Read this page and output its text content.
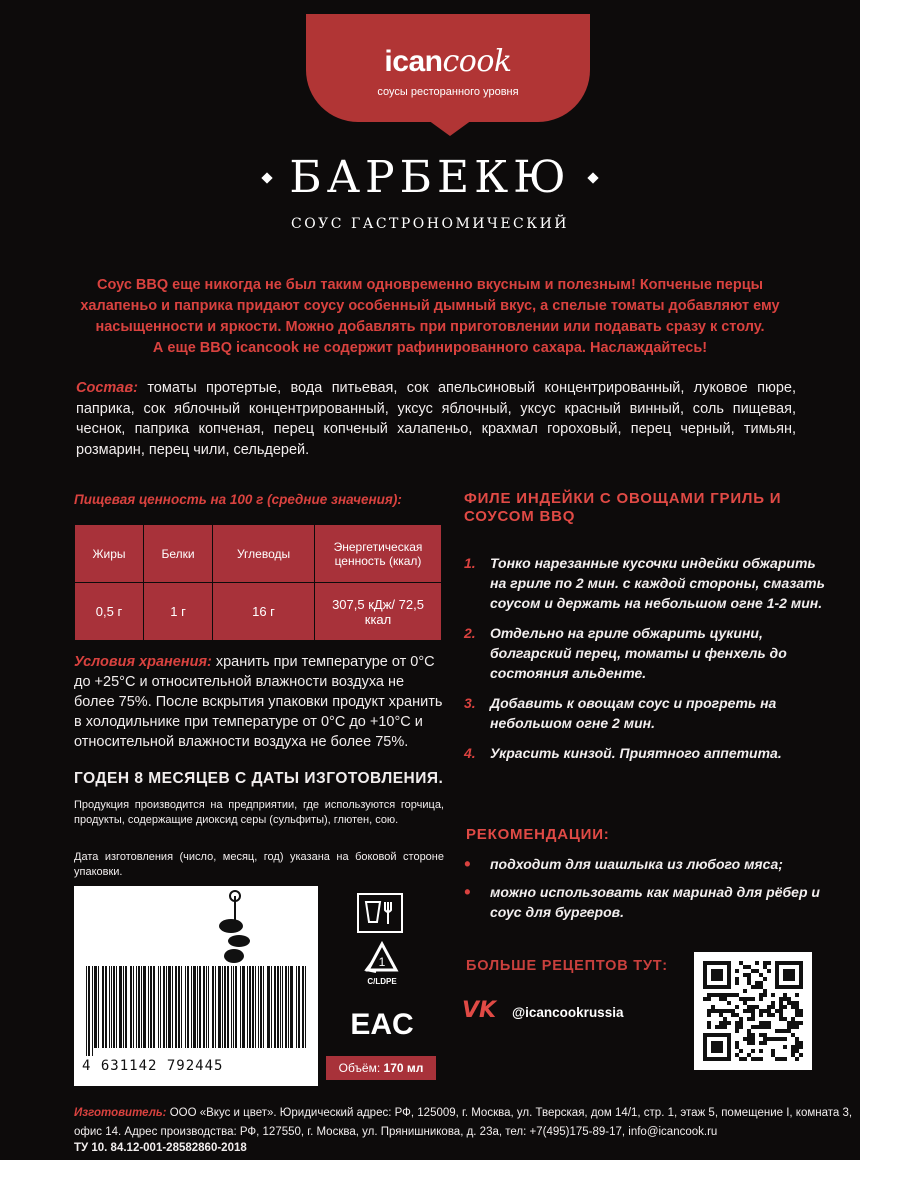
icancook
соусы ресторанного уровня
БАРБЕКЮ
СОУС ГАСТРОНОМИЧЕСКИЙ
Соус BBQ еще никогда не был таким одновременно вкусным и полезным! Копченые перцы
халапеньо и паприка придают соусу особенный дымный вкус, а спелые томаты добавляют ему
насыщенности и яркости. Можно добавлять при приготовлении или подавать сразу к столу.
А еще BBQ icancook не содержит рафинированного сахара. Наслаждайтесь!
Состав: томаты протертые, вода питьевая, сок апельсиновый концентрированный, луковое пюре, паприка, сок яблочный концентрированный, уксус яблочный, уксус красный винный, соль пищевая, чеснок, паприка копченая, перец копченый халапеньо, крахмал гороховый, перец черный, тимьян, розмарин, перец чили, сельдерей.
Пищевая ценность на 100 г (средние значения):
Жиры	Белки	Углеводы	Энергетическая ценность (ккал)
0,5 г	1 г	16 г	307,5 кДж/ 72,5 ккал
Условия хранения: хранить при температуре от 0°C до +25°C и относительной влажности воздуха не более 75%. После вскрытия упаковки продукт хранить в холодильнике при температуре от 0°C до +10°C и относительной влажности воздуха не более 75%.
ГОДЕН 8 МЕСЯЦЕВ С ДАТЫ ИЗГОТОВЛЕНИЯ.
Продукция производится на предприятии, где используются горчица, продукты, содержащие диоксид серы (сульфиты), глютен, сою.
Дата изготовления (число, месяц, год) указана на боковой стороне упаковки.
4 631142 792445
1
C/LDPE
EAC
Объём:
170 мл
ФИЛЕ ИНДЕЙКИ С ОВОЩАМИ ГРИЛЬ И СОУСОМ BBQ
1.	Тонко нарезанные кусочки индейки обжарить на гриле по 2 мин. с каждой стороны, смазать соусом и держать на небольшом огне 1-2 мин.
2.	Отдельно на гриле обжарить цукини, болгарский перец, томаты и фенхель до состояния альденте.
3.	Добавить к овощам соус и прогреть на небольшом огне 2 мин.
4.	Украсить кинзой. Приятного аппетита.
РЕКОМЕНДАЦИИ:
•	подходит для шашлыка из любого мяса;
•	можно использовать как маринад для рёбер и соус для бургеров.
БОЛЬШЕ РЕЦЕПТОВ ТУТ:
VK @icancookrussia
Изготовитель: ООО «Вкус и цвет». Юридический адрес: РФ, 125009, г. Москва, ул. Тверская, дом 14/1, стр. 1, этаж 5, помещение I, комната 3, офис 14. Адрес производства: РФ, 127550, г. Москва, ул. Прянишникова, д. 23а, тел: +7(495)175-89-17, info@icancook.ru
ТУ 10. 84.12-001-28582860-2018
